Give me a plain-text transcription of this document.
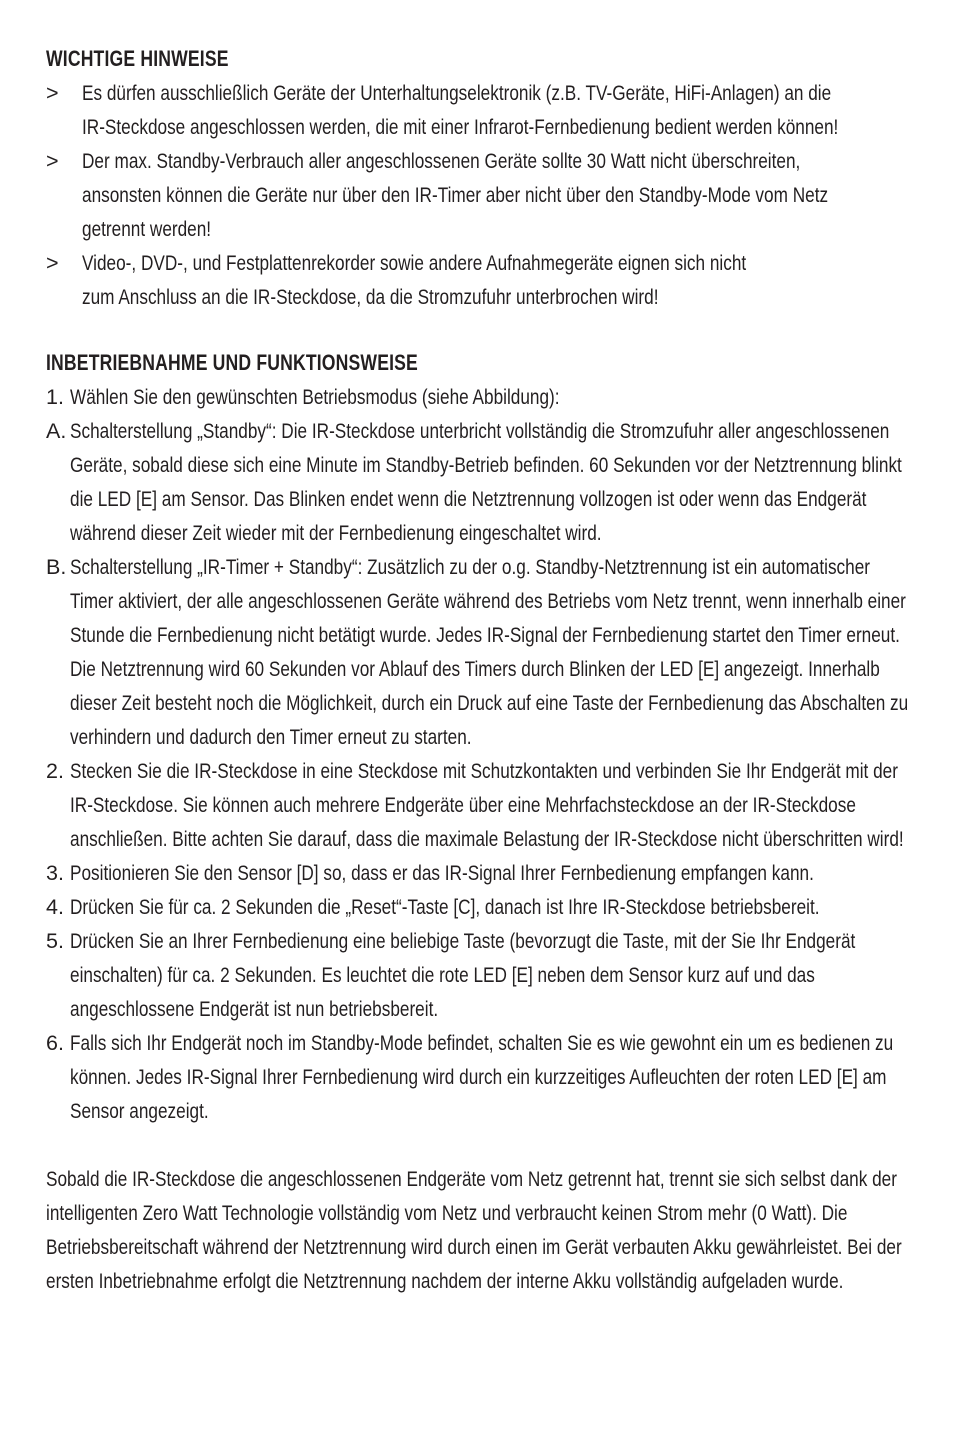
WICHTIGE HINWEISE
> Es dürfen ausschließlich Geräte der Unterhaltungselektronik (z.B. TV-Geräte, HiFi-Anlagen) an die
IR-Steckdose angeschlossen werden, die mit einer Infrarot-Fernbedienung bedient werden können!
> Der max. Standby-Verbrauch aller angeschlossenen Geräte sollte 30 Watt nicht überschreiten,
ansonsten können die Geräte nur über den IR-Timer aber nicht über den Standby-Mode vom Netz
getrennt werden!
> Video-, DVD-, und Festplattenrekorder sowie andere Aufnahmegeräte eignen sich nicht
zum Anschluss an die IR-Steckdose, da die Stromzufuhr unterbrochen wird!
INBETRIEBNAHME UND FUNKTIONSWEISE
1. Wählen Sie den gewünschten Betriebsmodus (siehe Abbildung):
A. Schalterstellung „Standby“: Die IR-Steckdose unterbricht vollständig die Stromzufuhr aller angeschlossenen
Geräte, sobald diese sich eine Minute im Standby-Betrieb befinden. 60 Sekunden vor der Netztrennung blinkt
die LED [E] am Sensor. Das Blinken endet wenn die Netztrennung vollzogen ist oder wenn das Endgerät
während dieser Zeit wieder mit der Fernbedienung eingeschaltet wird.
B. Schalterstellung „IR-Timer + Standby“: Zusätzlich zu der o.g. Standby-Netztrennung ist ein automatischer
Timer aktiviert, der alle angeschlossenen Geräte während des Betriebs vom Netz trennt, wenn innerhalb einer
Stunde die Fernbedienung nicht betätigt wurde. Jedes IR-Signal der Fernbedienung startet den Timer erneut.
Die Netztrennung wird 60 Sekunden vor Ablauf des Timers durch Blinken der LED [E] angezeigt. Innerhalb
dieser Zeit besteht noch die Möglichkeit, durch ein Druck auf eine Taste der Fernbedienung das Abschalten zu
verhindern und dadurch den Timer erneut zu starten.
2. Stecken Sie die IR-Steckdose in eine Steckdose mit Schutzkontakten und verbinden Sie Ihr Endgerät mit der
IR-Steckdose. Sie können auch mehrere Endgeräte über eine Mehrfachsteckdose an der IR-Steckdose
anschließen. Bitte achten Sie darauf, dass die maximale Belastung der IR-Steckdose nicht überschritten wird!
3. Positionieren Sie den Sensor [D] so, dass er das IR-Signal Ihrer Fernbedienung empfangen kann.
4. Drücken Sie für ca. 2 Sekunden die „Reset“-Taste [C], danach ist Ihre IR-Steckdose betriebsbereit.
5. Drücken Sie an Ihrer Fernbedienung eine beliebige Taste (bevorzugt die Taste, mit der Sie Ihr Endgerät
einschalten) für ca. 2 Sekunden. Es leuchtet die rote LED [E] neben dem Sensor kurz auf und das
angeschlossene Endgerät ist nun betriebsbereit.
6. Falls sich Ihr Endgerät noch im Standby-Mode befindet, schalten Sie es wie gewohnt ein um es bedienen zu
können. Jedes IR-Signal Ihrer Fernbedienung wird durch ein kurzzeitiges Aufleuchten der roten LED [E] am
Sensor angezeigt.
Sobald die IR-Steckdose die angeschlossenen Endgeräte vom Netz getrennt hat, trennt sie sich selbst dank der
intelligenten Zero Watt Technologie vollständig vom Netz und verbraucht keinen Strom mehr (0 Watt). Die
Betriebsbereitschaft während der Netztrennung wird durch einen im Gerät verbauten Akku gewährleistet. Bei der
ersten Inbetriebnahme erfolgt die Netztrennung nachdem der interne Akku vollständig aufgeladen wurde.
